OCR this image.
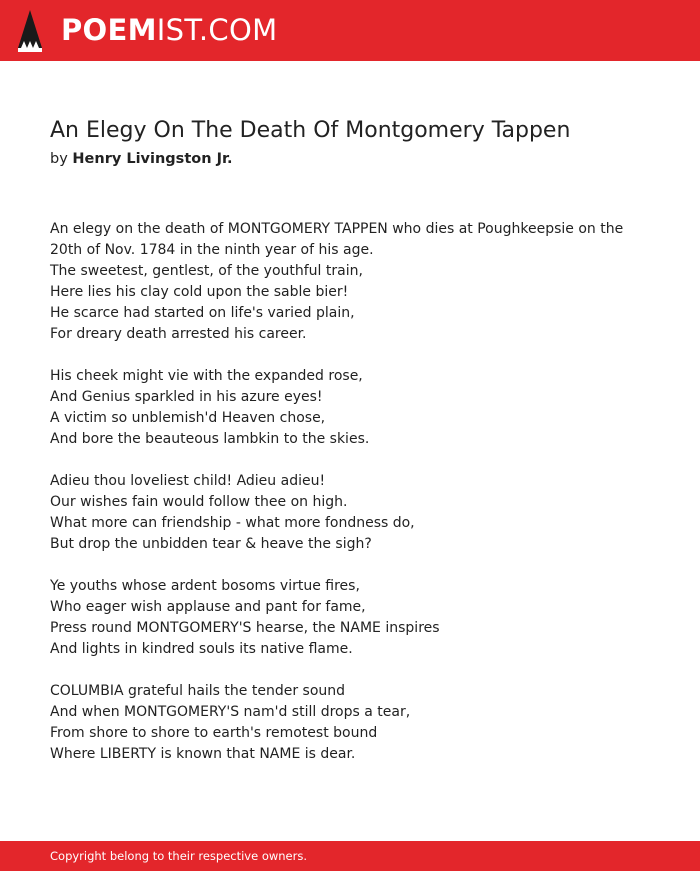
POEMIST.COM
An Elegy On The Death Of Montgomery Tappen
by Henry Livingston Jr.
An elegy on the death of MONTGOMERY TAPPEN who dies at Poughkeepsie on the
20th of Nov. 1784 in the ninth year of his age.
The sweetest, gentlest, of the youthful train,
Here lies his clay cold upon the sable bier!
He scarce had started on life's varied plain,
For dreary death arrested his career.
His cheek might vie with the expanded rose,
And Genius sparkled in his azure eyes!
A victim so unblemish'd Heaven chose,
And bore the beauteous lambkin to the skies.
Adieu thou loveliest child! Adieu adieu!
Our wishes fain would follow thee on high.
What more can friendship - what more fondness do,
But drop the unbidden tear & heave the sigh?
Ye youths whose ardent bosoms virtue fires,
Who eager wish applause and pant for fame,
Press round MONTGOMERY'S hearse, the NAME inspires
And lights in kindred souls its native flame.
COLUMBIA grateful hails the tender sound
And when MONTGOMERY'S nam'd still drops a tear,
From shore to shore to earth's remotest bound
Where LIBERTY is known that NAME is dear.
Copyright belong to their respective owners.
